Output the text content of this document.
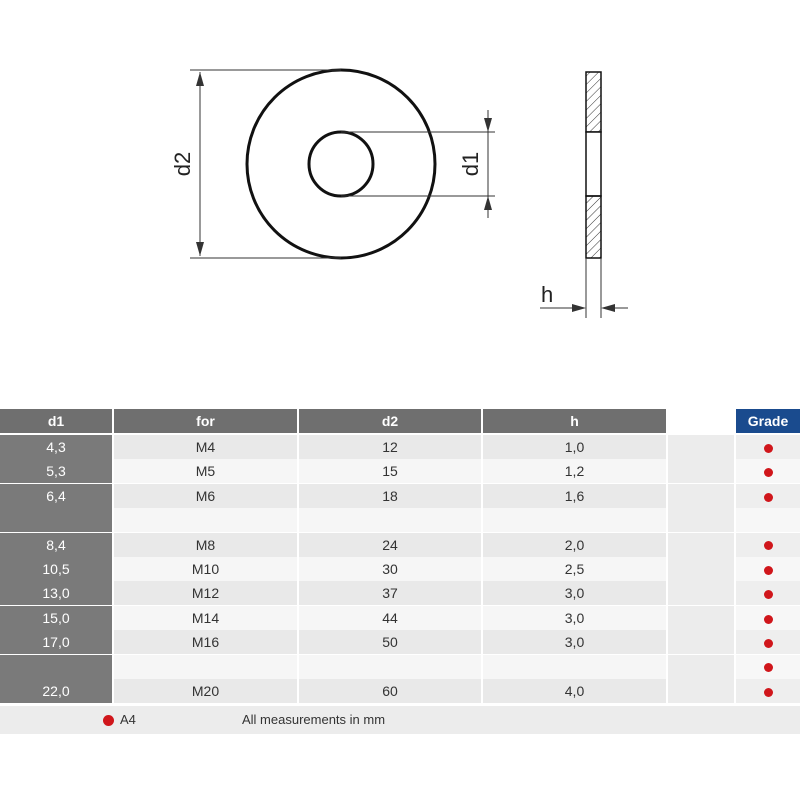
d2	d1
h
d1	for	d2	h	Grade
4,3	M4	12	1,0
5,3	M5	15	1,2
6,4	M6	18	1,6
8,4	M8	24	2,0
10,5	M10	30	2,5
13,0	M12	37	3,0
15,0	M14	44	3,0
17,0	M16	50	3,0
22,0	M20	60	4,0
A4	All measurements in mm
